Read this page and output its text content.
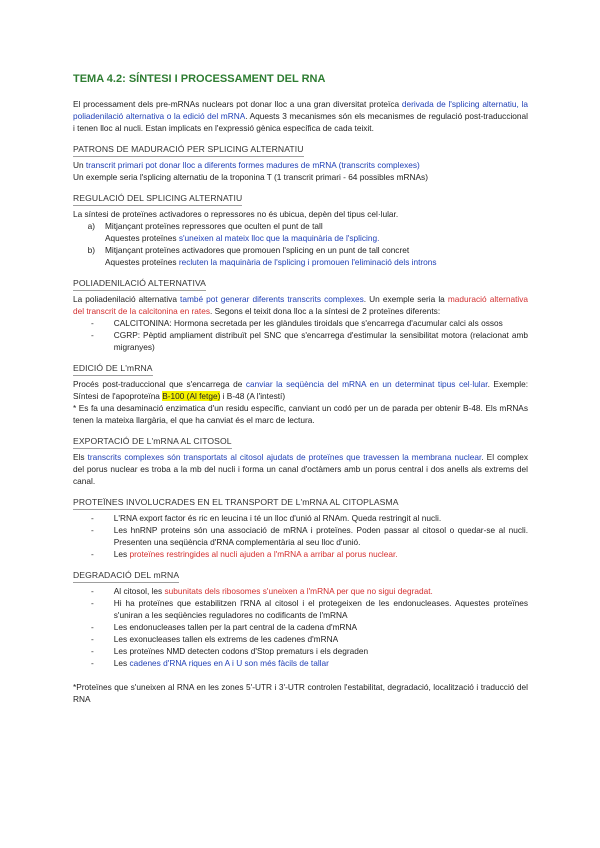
TEMA 4.2: SÍNTESI I PROCESSAMENT DEL RNA

El processament dels pre-mRNAs nuclears pot donar lloc a una gran diversitat proteïca derivada de l'splicing alternatiu, la poliadenilació alternativa o la edició del mRNA. Aquests 3 mecanismes són els mecanismes de regulació post-traduccional i tenen lloc al nucli. Estan implicats en l'expressió gènica específica de cada teixit.

PATRONS DE MADURACIÓ PER SPLICING ALTERNATIU

Un transcrit primari pot donar lloc a diferents formes madures de mRNA (transcrits complexes)

Un exemple seria l'splicing alternatiu de la troponina T (1 transcrit primari - 64 possibles mRNAs)

REGULACIÓ DEL SPLICING ALTERNATIU

La síntesi de proteïnes activadores o repressores no és ubicua, depèn del tipus cel·lular.

a)	Mitjançant proteïnes repressores que oculten el punt de tall

Aquestes proteïnes s'uneixen al mateix lloc que la maquinària de l'splicing.

b)	Mitjançant proteïnes activadores que promouen l'splicing en un punt de tall concret

Aquestes proteïnes recluten la maquinària de l'splicing i promouen l'eliminació dels introns

POLIADENILACIÓ ALTERNATIVA

La poliadenilació alternativa també pot generar diferents transcrits complexes. Un exemple seria la maduració alternativa del transcrit de la calcitonina en rates. Segons el teixit dona lloc a la síntesi de 2 proteïnes diferents:

-	CALCITONINA: Hormona secretada per les glàndules tiroidals que s'encarrega d'acumular calci als ossos
-	CGRP: Pèptid ampliament distribuït pel SNC que s'encarrega d'estimular la sensibilitat motora (relacionat amb migranyes)
EDICIÓ DE L'mRNA

Procés post-traduccional que s'encarrega de canviar la seqüència del mRNA en un determinat tipus cel·lular. Exemple: Síntesi de l'apoproteïna B-100 (Al fetge) i B-48 (A l'intestí)

* Es fa una desaminació enzimatica d'un residu específic, canviant un codó per un de parada per obtenir B-48. Els mRNAs tenen la mateixa llargària, el que ha canviat és el marc de lectura.

EXPORTACIÓ DE L'mRNA AL CITOSOL

Els transcrits complexes són transportats al citosol ajudats de proteïnes que travessen la membrana nuclear. El complex del porus nuclear es troba a la mb del nucli i forma un canal d'octàmers amb un porus central i dos anells als extrems del canal.

PROTEÏNES INVOLUCRADES EN EL TRANSPORT DE L'mRNA AL CITOPLASMA
-	L'RNA export factor és ric en leucina i té un lloc d'unió al RNAm. Queda restringit al nucli.
-	Les hnRNP proteins són una associació de mRNA i proteïnes. Poden passar al citosol o quedar-se al nucli. Presenten una seqüència d'RNA complementària al seu lloc d'unió.
-	Les proteïnes restringides al nucli ajuden a l'mRNA a arribar al porus nuclear.
DEGRADACIÓ DEL mRNA
-	Al citosol, les subunitats dels ribosomes s'uneixen a l'mRNA per que no sigui degradat.
-	Hi ha proteïnes que estabilitzen l'RNA al citosol i el protegeixen de les endonucleases. Aquestes proteïnes s'uniran a les seqüències reguladores no codificants de l'mRNA
-	Les endonucleases tallen per la part central de la cadena d'mRNA
-	Les exonucleases tallen els extrems de les cadenes d'mRNA
-	Les proteïnes NMD detecten codons d'Stop prematurs i els degraden
-	Les cadenes d'RNA riques en A i U son més fàcils de tallar

*Proteïnes que s'uneixen al RNA en les zones 5'-UTR i 3'-UTR controlen l'estabilitat, degradació, localització i traducció del RNA
